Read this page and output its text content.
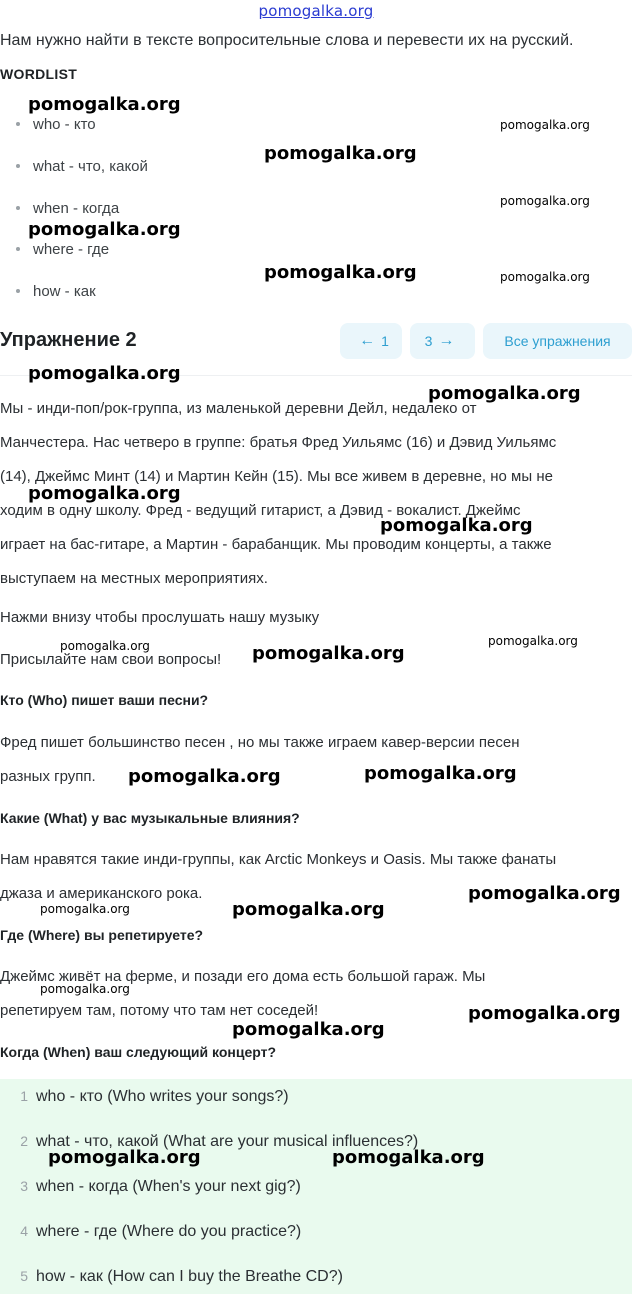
pomogalka.org
Нам нужно найти в тексте вопросительные слова и перевести их на русский.
WORDLIST
who - кто
what - что, какой
when - когда
where - где
how - как
Упражнение 2	← 1	3 →	Все упражнения
Мы - инди-поп/рок-группа, из маленькой деревни Дейл, недалеко от
Манчестера. Нас четверо в группе: братья Фред Уильямс (16) и Дэвид Уильямс
(14), Джеймс Минт (14) и Мартин Кейн (15). Мы все живем в деревне, но мы не
ходим в одну школу. Фред - ведущий гитарист, а Дэвид - вокалист. Джеймс
играет на бас-гитаре, а Мартин - барабанщик. Мы проводим концерты, а также
выступаем на местных мероприятиях.
Нажми внизу чтобы прослушать нашу музыку
Присылайте нам свои вопросы!
Кто (Who) пишет ваши песни?
Фред пишет большинство песен , но мы также играем кавер-версии песен
разных групп.
Какие (What) у вас музыкальные влияния?
Нам нравятся такие инди-группы, как Arctic Monkeys и Oasis. Мы также фанаты
джаза и американского рока.
Где (Where) вы репетируете?
Джеймс живёт на ферме, и позади его дома есть большой гараж. Мы
репетируем там, потому что там нет соседей!
Когда (When) ваш следующий концерт?
1 who - кто (Who writes your songs?)
2 what - что, какой (What are your musical influences?)
3 when - когда (When's your next gig?)
4 where - где (Where do you practice?)
5 how - как (How can I buy the Breathe CD?)
pomogalka.org
pomogalka.org
pomogalka.org
pomogalka.org
pomogalka.org
pomogalka.org	pomogalka.org
pomogalka.org
pomogalka.org
pomogalka.org
pomogalka.org
pomogalka.org	pomogalka.org
pomogalka.org
pomogalka.org	pomogalka.org
pomogalka.org
pomogalka.org	pomogalka.org
pomogalka.org
pomogalka.org
pomogalka.org
pomogalka.org	pomogalka.org
